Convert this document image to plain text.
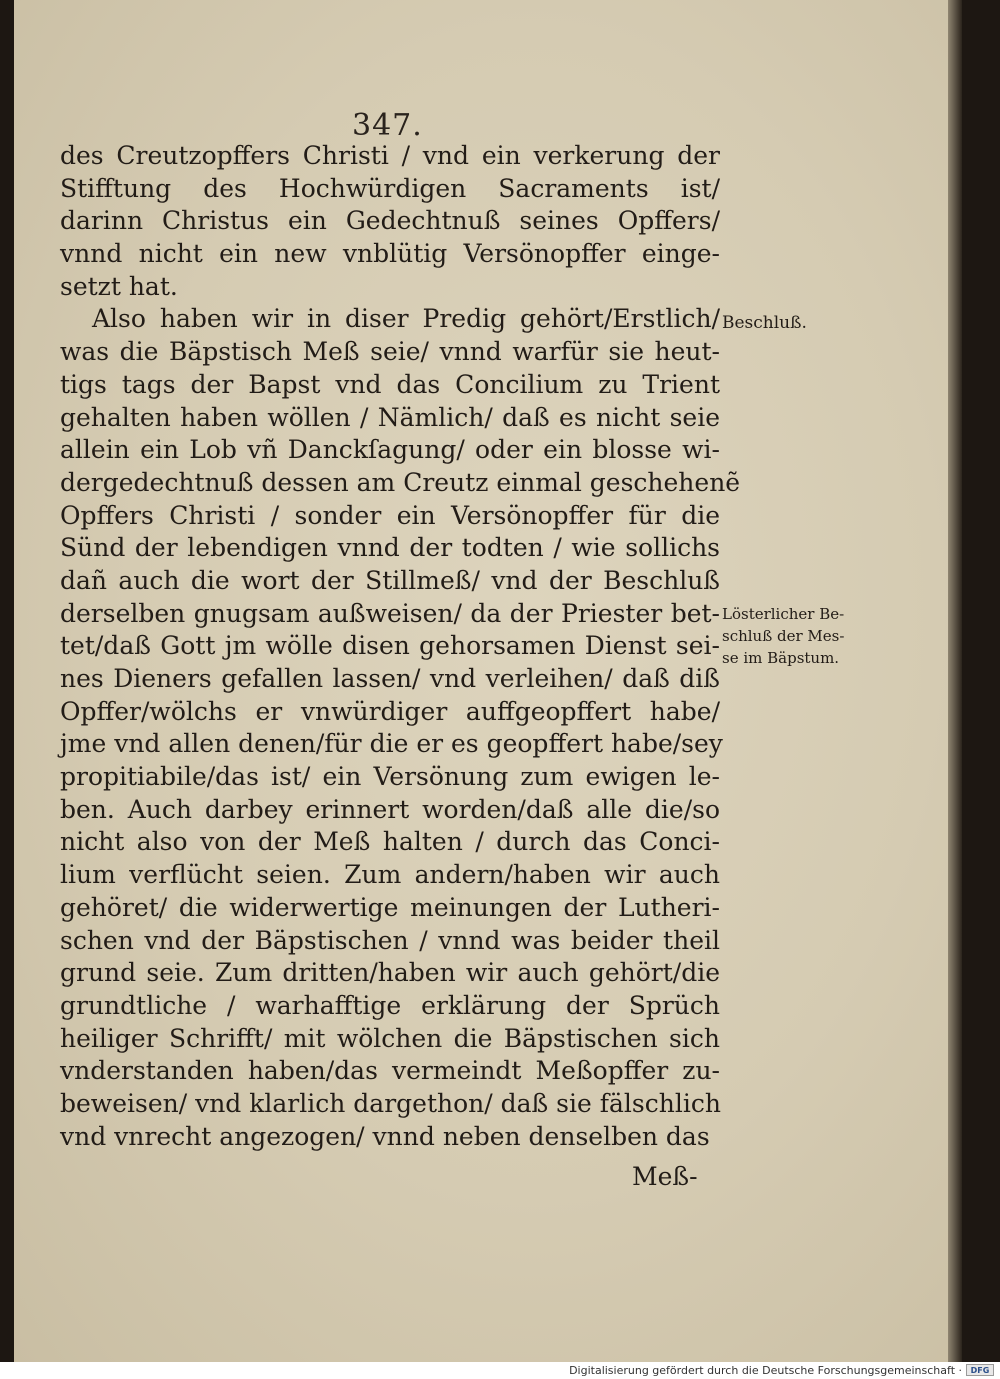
347.
des Creutzopffers Christi / vnd ein verkerung der
Stifftung des Hochwürdigen Sacraments ist/
darinn Christus ein Gedechtnuß seines Opffers/
vnnd nicht ein new vnblütig Versönopffer einge-
setzt hat.
Also haben wir in diser Predig gehört/Erstlich/
was die Bäpstisch Meß seie/ vnnd warfür sie heut-
tigs tags der Bapst vnd das Concilium zu Trient
gehalten haben wöllen / Nämlich/ daß es nicht seie
allein ein Lob vñ Danckſagung/ oder ein blosse wi-
dergedechtnuß dessen am Creutz einmal geschehenẽ
Opffers Christi / sonder ein Versönopffer für die
Sünd der lebendigen vnnd der todten / wie sollichs
dañ auch die wort der Stillmeß/ vnd der Beschluß
derselben gnugsam außweisen/ da der Priester bet-
tet/daß Gott jm wölle disen gehorsamen Dienst sei-
nes Dieners gefallen lassen/ vnd verleihen/ daß diß
Opffer/wölchs er vnwürdiger auffgeopffert habe/
jme vnd allen denen/für die er es geopffert habe/sey
propitiabile/das ist/ ein Versönung zum ewigen le-
ben. Auch darbey erinnert worden/daß alle die/so
nicht also von der Meß halten / durch das Conci-
lium verflücht seien. Zum andern/haben wir auch
gehöret/ die widerwertige meinungen der Lutheri-
schen vnd der Bäpstischen / vnnd was beider theil
grund seie. Zum dritten/haben wir auch gehört/die
grundtliche / warhafftige erklärung der Sprüch
heiliger Schrifft/ mit wölchen die Bäpstischen sich
vnderstanden haben/das vermeindt Meßopffer zu-
beweisen/ vnd klarlich dargethon/ daß sie fälschlich
vnd vnrecht angezogen/ vnnd neben denselben das
Meß-
Beschluß.
Lösterlicher Be-
schluß der Mes-
se im Bäpstum.
Digitalisierung gefördert durch die Deutsche Forschungsgemeinschaft ·	DFG
